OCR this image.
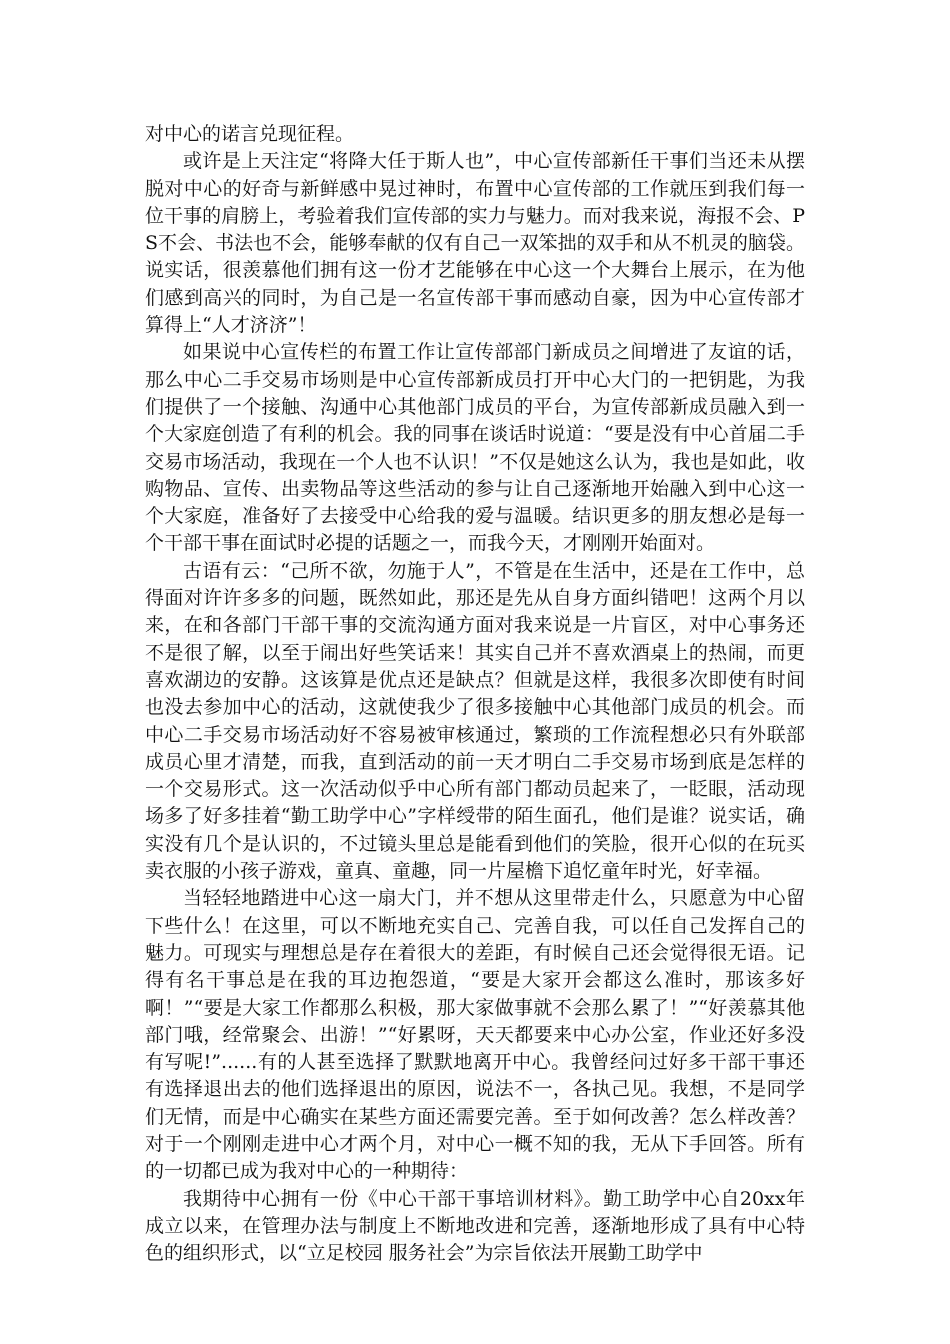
对中心的诺言兑现征程。

或许是上天注定“将降大任于斯人也”，中心宣传部新任干事们当还未从摆脱对中心的好奇与新鲜感中晃过神时，布置中心宣传部的工作就压到我们每一位干事的肩膀上，考验着我们宣传部的实力与魅力。而对我来说，海报不会、PS不会、书法也不会，能够奉献的仅有自己一双笨拙的双手和从不机灵的脑袋。说实话，很羡慕他们拥有这一份才艺能够在中心这一个大舞台上展示，在为他们感到高兴的同时，为自己是一名宣传部干事而感动自豪，因为中心宣传部才算得上“人才济济”！

如果说中心宣传栏的布置工作让宣传部部门新成员之间增进了友谊的话，那么中心二手交易市场则是中心宣传部新成员打开中心大门的一把钥匙，为我们提供了一个接触、沟通中心其他部门成员的平台，为宣传部新成员融入到一个大家庭创造了有利的机会。我的同事在谈话时说道：“要是没有中心首届二手交易市场活动，我现在一个人也不认识！”不仅是她这么认为，我也是如此，收购物品、宣传、出卖物品等这些活动的参与让自己逐渐地开始融入到中心这一个大家庭，准备好了去接受中心给我的爱与温暖。结识更多的朋友想必是每一个干部干事在面试时必提的话题之一，而我今天，才刚刚开始面对。

古语有云：“己所不欲，勿施于人”，不管是在生活中，还是在工作中，总得面对许许多多的问题，既然如此，那还是先从自身方面纠错吧！这两个月以来，在和各部门干部干事的交流沟通方面对我来说是一片盲区，对中心事务还不是很了解，以至于闹出好些笑话来！其实自己并不喜欢酒桌上的热闹，而更喜欢湖边的安静。这该算是优点还是缺点？但就是这样，我很多次即使有时间也没去参加中心的活动，这就使我少了很多接触中心其他部门成员的机会。而中心二手交易市场活动好不容易被审核通过，繁琐的工作流程想必只有外联部成员心里才清楚，而我，直到活动的前一天才明白二手交易市场到底是怎样的一个交易形式。这一次活动似乎中心所有部门都动员起来了，一眨眼，活动现场多了好多挂着“勤工助学中心”字样绶带的陌生面孔，他们是谁？说实话，确实没有几个是认识的，不过镜头里总是能看到他们的笑脸，很开心似的在玩买卖衣服的小孩子游戏，童真、童趣，同一片屋檐下追忆童年时光，好幸福。

当轻轻地踏进中心这一扇大门，并不想从这里带走什么，只愿意为中心留下些什么！在这里，可以不断地充实自己、完善自我，可以任自己发挥自己的魅力。可现实与理想总是存在着很大的差距，有时候自己还会觉得很无语。记得有名干事总是在我的耳边抱怨道，“要是大家开会都这么准时，那该多好啊！”“要是大家工作都那么积极，那大家做事就不会那么累了！”“好羡慕其他部门哦，经常聚会、出游！”“好累呀，天天都要来中心办公室，作业还好多没有写呢!”......有的人甚至选择了默默地离开中心。我曾经问过好多干部干事还有选择退出去的他们选择退出的原因，说法不一，各执己见。我想，不是同学们无情，而是中心确实在某些方面还需要完善。至于如何改善？怎么样改善？对于一个刚刚走进中心才两个月，对中心一概不知的我，无从下手回答。所有的一切都已成为我对中心的一种期待：

我期待中心拥有一份《中心干部干事培训材料》。勤工助学中心自20xx年成立以来，在管理办法与制度上不断地改进和完善，逐渐地形成了具有中心特色的组织形式，以“立足校园 服务社会”为宗旨依法开展勤工助学中
